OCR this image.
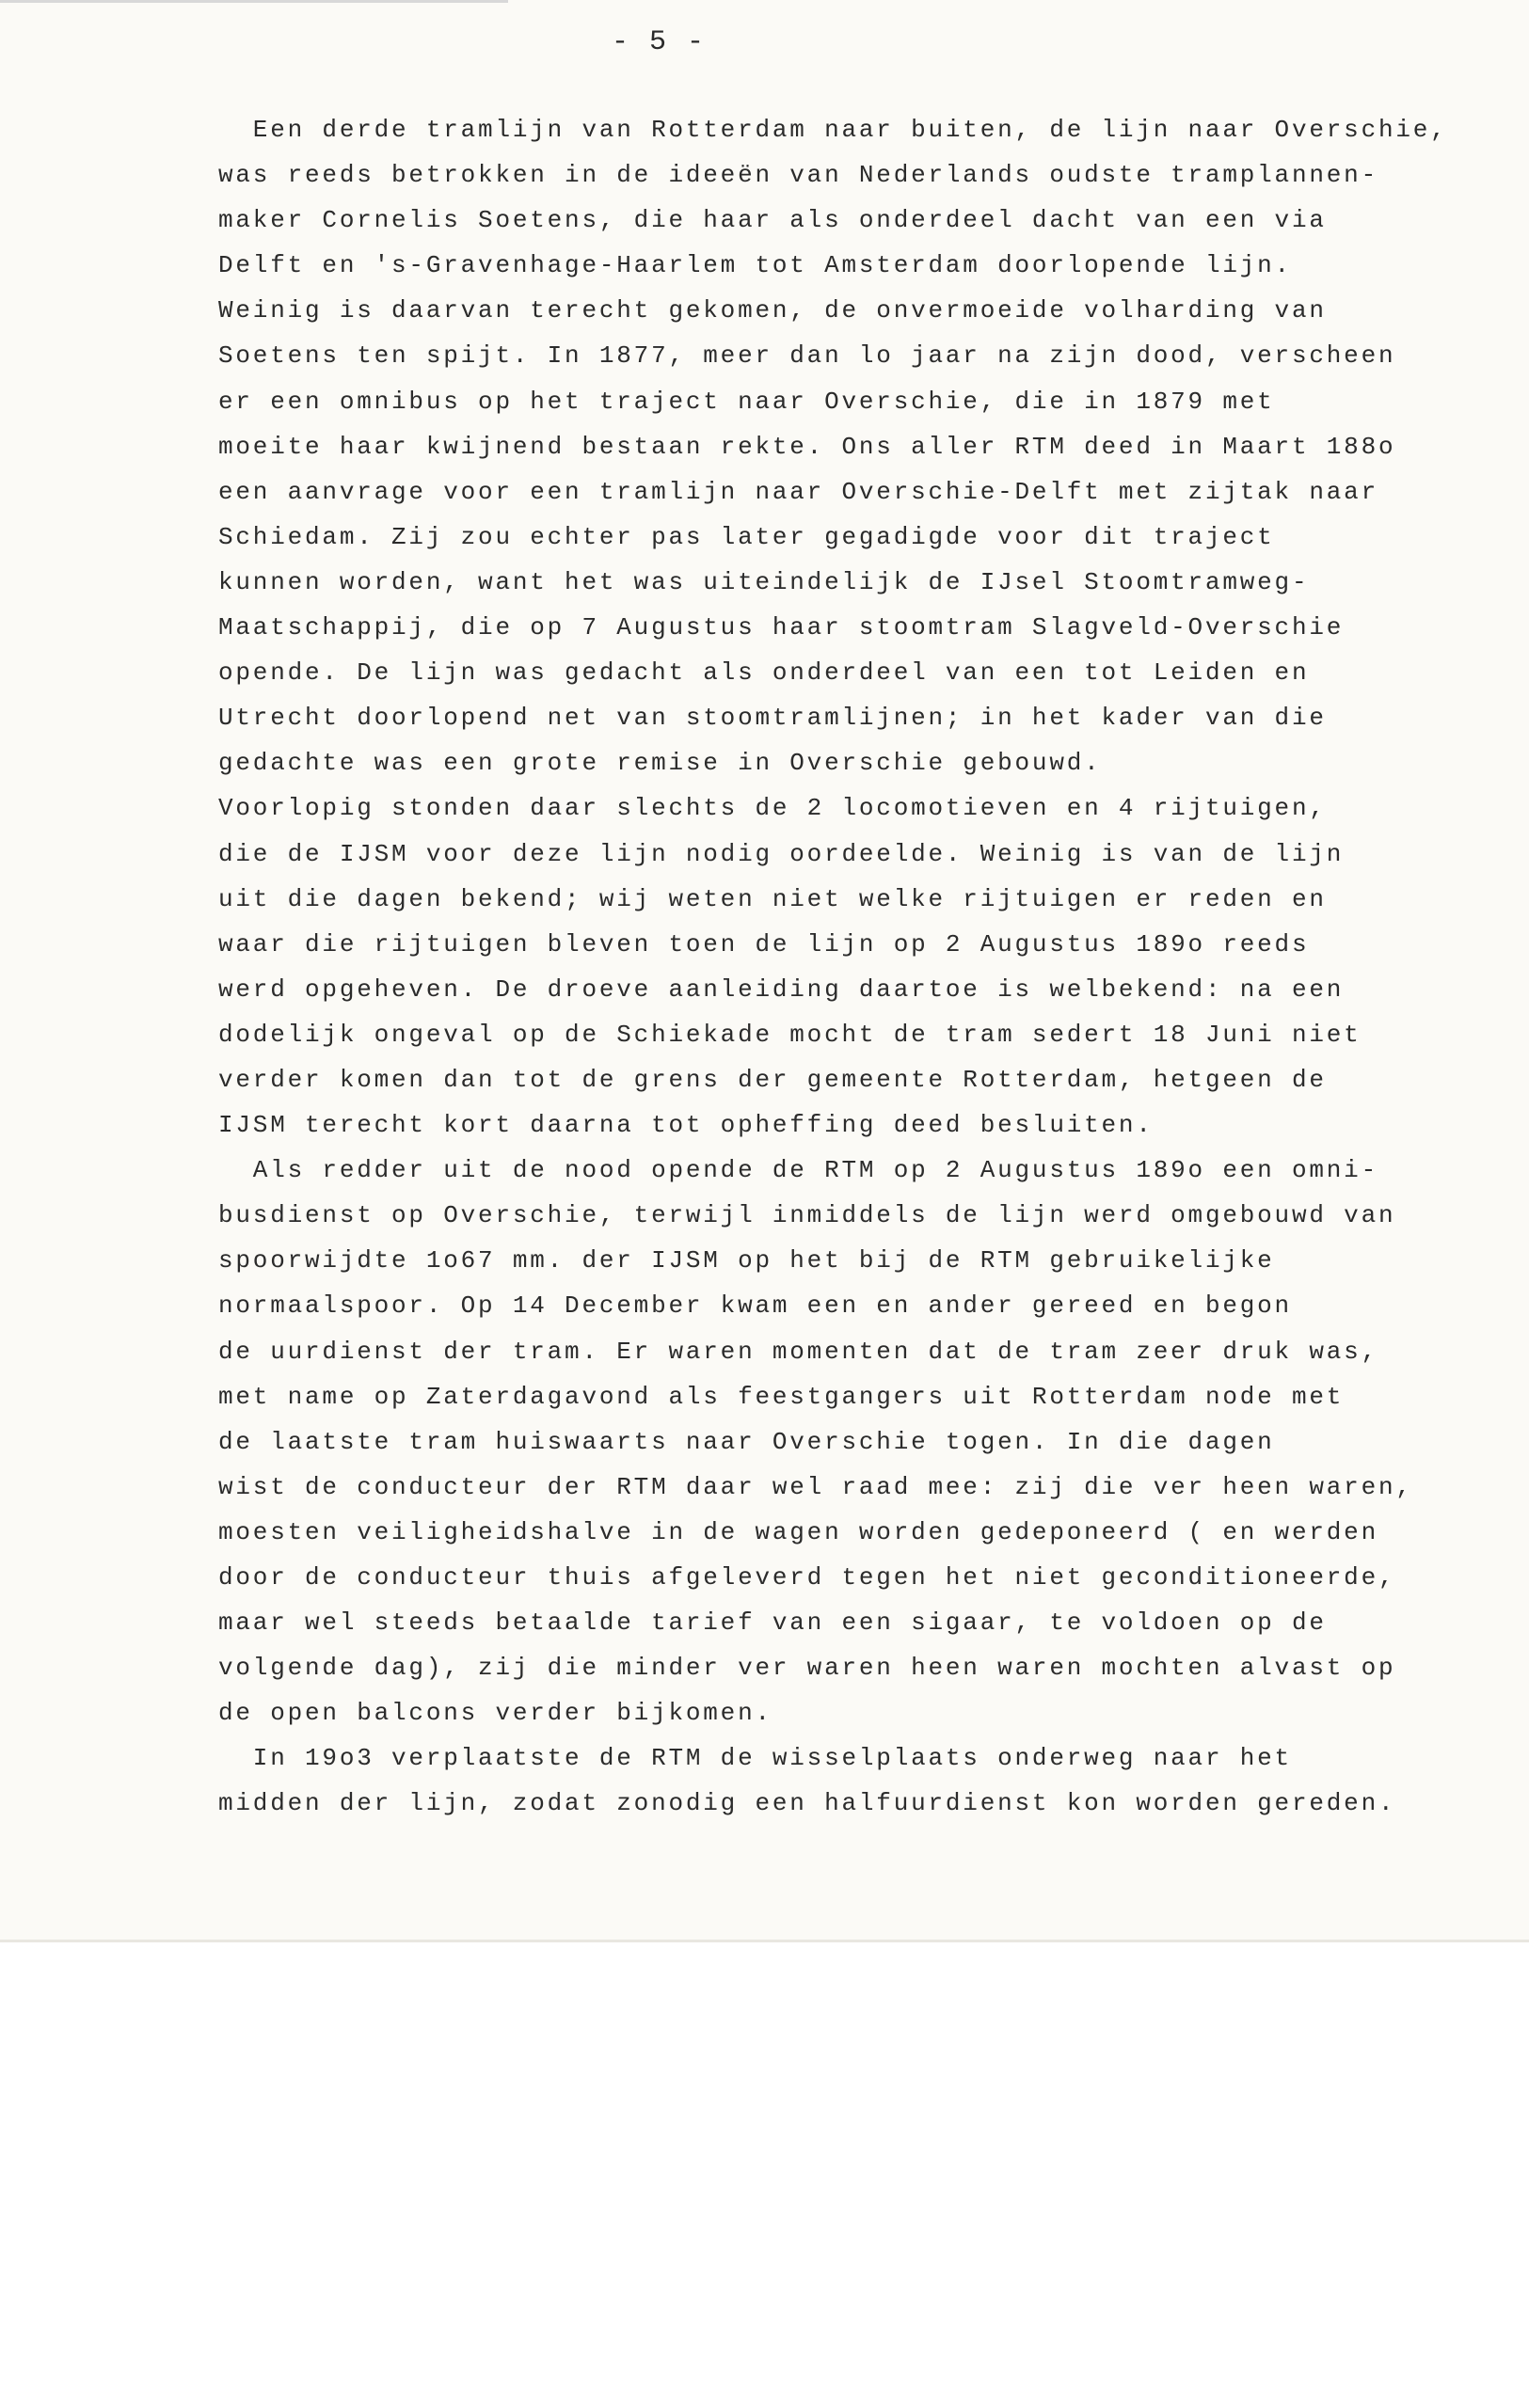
- 5 -
Een derde tramlijn van Rotterdam naar buiten, de lijn naar Overschie,
was reeds betrokken in de ideeën van Nederlands oudste tramplannen-
maker Cornelis Soetens, die haar als onderdeel dacht van een via
Delft en 's-Gravenhage-Haarlem tot Amsterdam doorlopende lijn.
Weinig is daarvan terecht gekomen, de onvermoeide volharding van
Soetens ten spijt. In 1877, meer dan lo jaar na zijn dood, verscheen
er een omnibus op het traject naar Overschie, die in 1879 met
moeite haar kwijnend bestaan rekte. Ons aller RTM deed in Maart 188o
een aanvrage voor een tramlijn naar Overschie-Delft met zijtak naar
Schiedam. Zij zou echter pas later gegadigde voor dit traject
kunnen worden, want het was uiteindelijk de IJsel Stoomtramweg-
Maatschappij, die op 7 Augustus haar stoomtram Slagveld-Overschie
opende. De lijn was gedacht als onderdeel van een tot Leiden en
Utrecht doorlopend net van stoomtramlijnen; in het kader van die
gedachte was een grote remise in Overschie gebouwd.
Voorlopig stonden daar slechts de 2 locomotieven en 4 rijtuigen,
die de IJSM voor deze lijn nodig oordeelde. Weinig is van de lijn
uit die dagen bekend; wij weten niet welke rijtuigen er reden en
waar die rijtuigen bleven toen de lijn op 2 Augustus 189o reeds
werd opgeheven. De droeve aanleiding daartoe is welbekend: na een
dodelijk ongeval op de Schiekade mocht de tram sedert 18 Juni niet
verder komen dan tot de grens der gemeente Rotterdam, hetgeen de
IJSM terecht kort daarna tot opheffing deed besluiten.
Als redder uit de nood opende de RTM op 2 Augustus 189o een omni-
busdienst op Overschie, terwijl inmiddels de lijn werd omgebouwd van
spoorwijdte 1o67 mm. der IJSM op het bij de RTM gebruikelijke
normaalspoor. Op 14 December kwam een en ander gereed en begon
de uurdienst der tram. Er waren momenten dat de tram zeer druk was,
met name op Zaterdagavond als feestgangers uit Rotterdam node met
de laatste tram huiswaarts naar Overschie togen. In die dagen
wist de conducteur der RTM daar wel raad mee: zij die ver heen waren,
moesten veiligheidshalve in de wagen worden gedeponeerd ( en werden
door de conducteur thuis afgeleverd tegen het niet geconditioneerde,
maar wel steeds betaalde tarief van een sigaar, te voldoen op de
volgende dag), zij die minder ver waren heen waren mochten alvast op
de open balcons verder bijkomen.
In 19o3 verplaatste de RTM de wisselplaats onderweg naar het
midden der lijn, zodat zonodig een halfuurdienst kon worden gereden.
